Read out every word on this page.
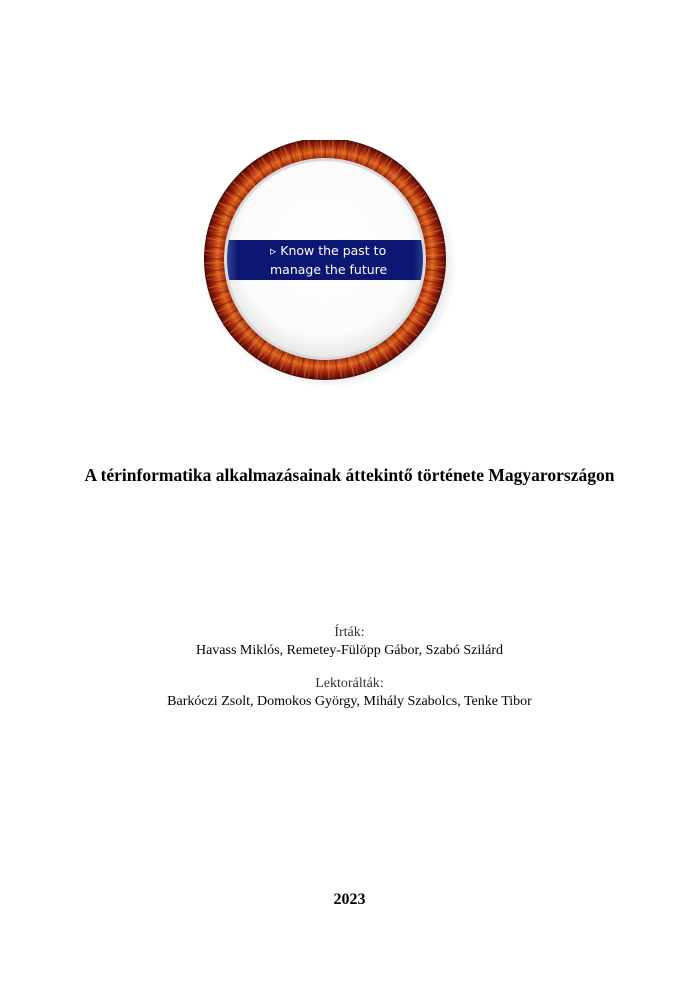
▹ Know the past to
manage the future
A térinformatika alkalmazásainak áttekintő története Magyarországon
Írták:
Havass Miklós, Remetey-Fülöpp Gábor, Szabó Szilárd
Lektorálták:
Barkóczi Zsolt, Domokos György, Mihály Szabolcs, Tenke Tibor
2023
